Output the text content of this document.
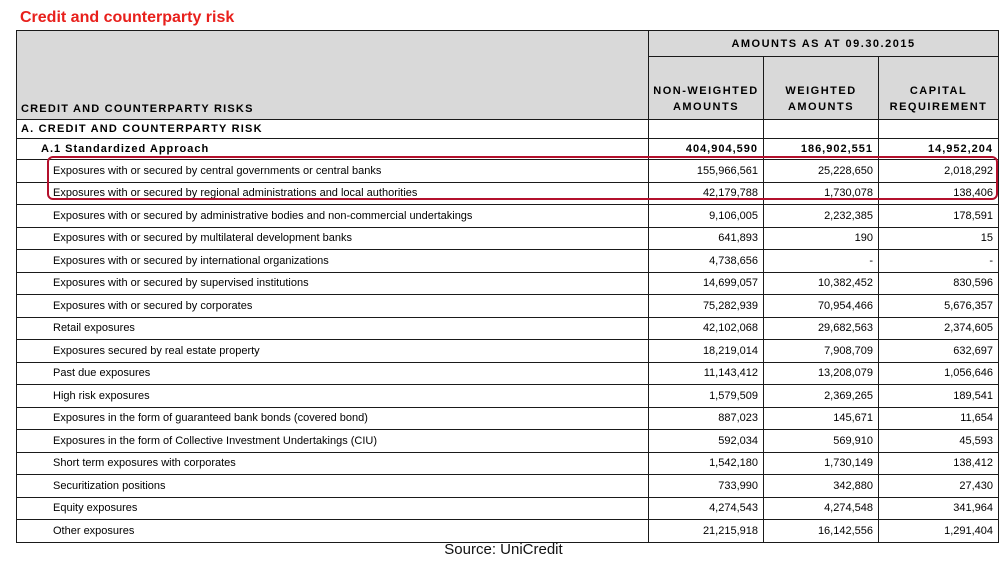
Credit and counterparty risk
CREDIT AND COUNTERPARTY RISKS	AMOUNTS AS AT 09.30.2015		
	NON-WEIGHTED AMOUNTS	WEIGHTED AMOUNTS	CAPITAL REQUIREMENT
A. CREDIT AND COUNTERPARTY RISK			
A.1 Standardized Approach	404,904,590	186,902,551	14,952,204
Exposures with or secured by central governments or central banks	155,966,561	25,228,650	2,018,292
Exposures with or secured by regional administrations and local authorities	42,179,788	1,730,078	138,406
Exposures with or secured by administrative bodies and non-commercial undertakings	9,106,005	2,232,385	178,591
Exposures with or secured by multilateral development banks	641,893	190	15
Exposures with or secured by international organizations	4,738,656	-	-
Exposures with or secured by supervised institutions	14,699,057	10,382,452	830,596
Exposures with or secured by corporates	75,282,939	70,954,466	5,676,357
Retail exposures	42,102,068	29,682,563	2,374,605
Exposures secured by real estate property	18,219,014	7,908,709	632,697
Past due exposures	11,143,412	13,208,079	1,056,646
High risk exposures	1,579,509	2,369,265	189,541
Exposures in the form of guaranteed bank bonds (covered bond)	887,023	145,671	11,654
Exposures in the form of Collective Investment Undertakings (CIU)	592,034	569,910	45,593
Short term exposures with corporates	1,542,180	1,730,149	138,412
Securitization positions	733,990	342,880	27,430
Equity exposures	4,274,543	4,274,548	341,964
Other exposures	21,215,918	16,142,556	1,291,404
Source: UniCredit
